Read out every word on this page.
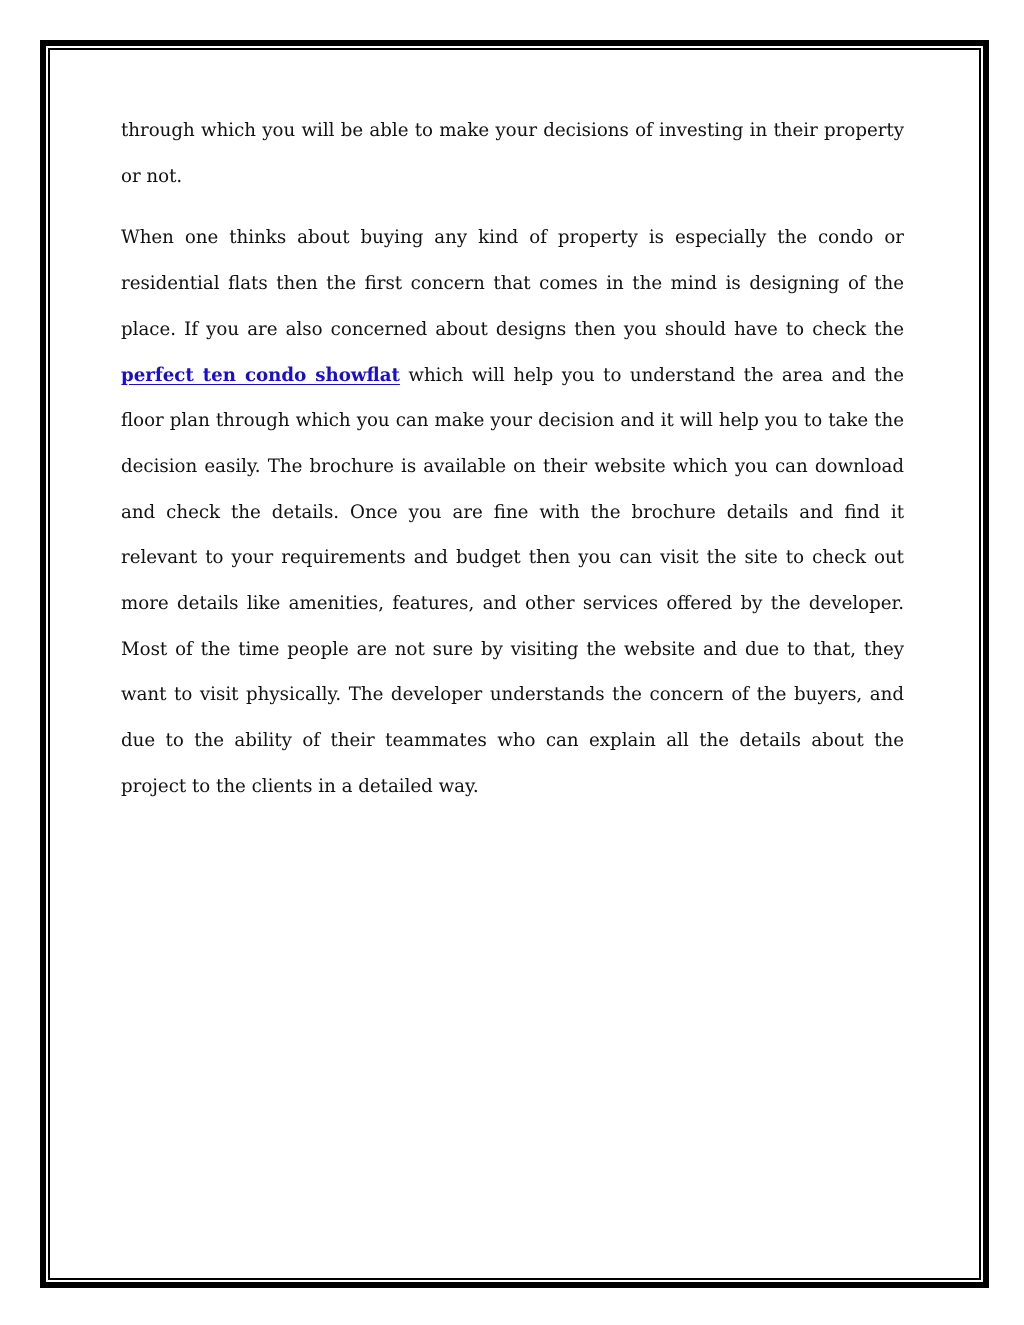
through which you will be able to make your decisions of investing in their property or not.

When one thinks about buying any kind of property is especially the condo or residential flats then the first concern that comes in the mind is designing of the place. If you are also concerned about designs then you should have to check the perfect ten condo showflat which will help you to understand the area and the floor plan through which you can make your decision and it will help you to take the decision easily. The brochure is available on their website which you can download and check the details. Once you are fine with the brochure details and find it relevant to your requirements and budget then you can visit the site to check out more details like amenities, features, and other services offered by the developer. Most of the time people are not sure by visiting the website and due to that, they want to visit physically. The developer understands the concern of the buyers, and due to the ability of their teammates who can explain all the details about the project to the clients in a detailed way.
